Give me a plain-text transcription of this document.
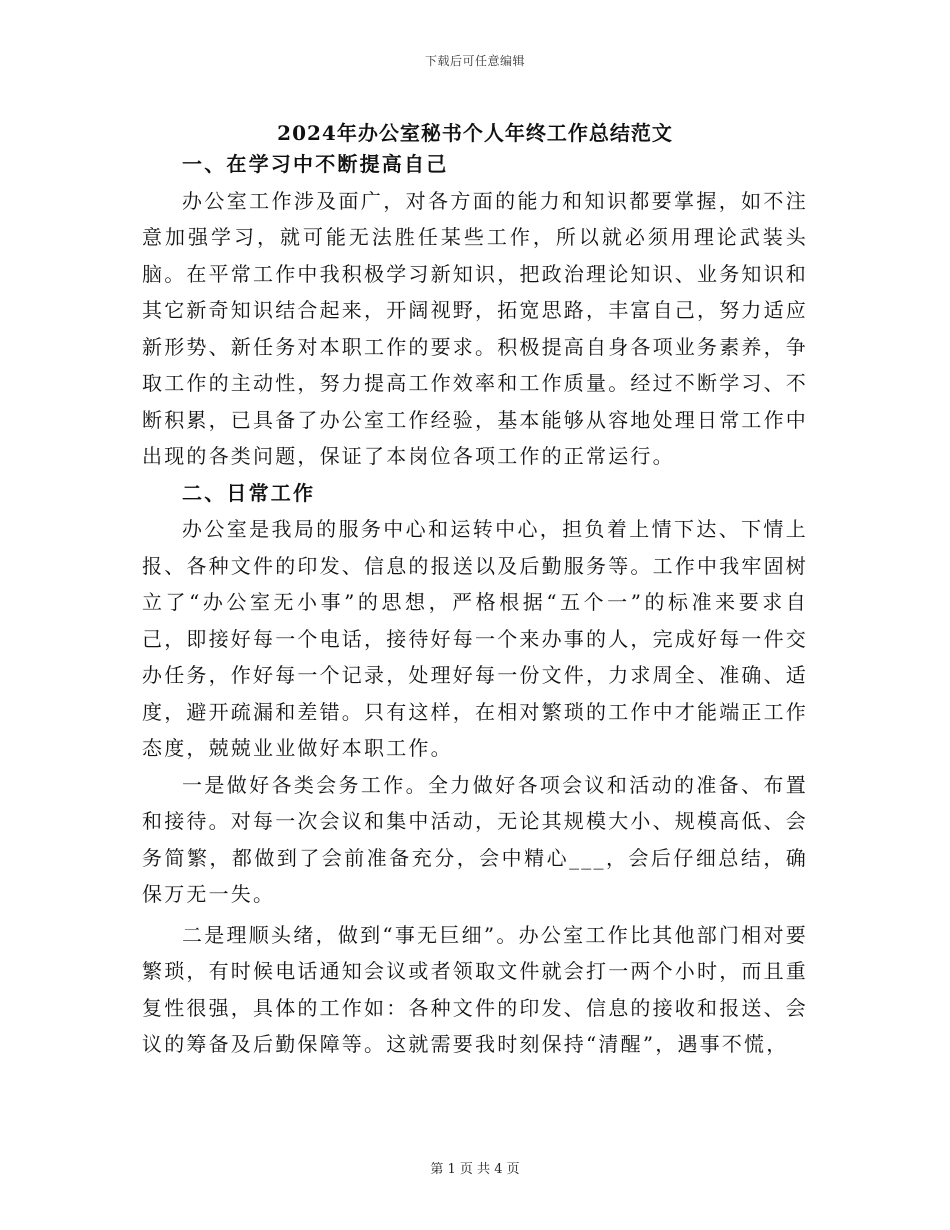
下载后可任意编辑
2024年办公室秘书个人年终工作总结范文
一、在学习中不断提高自己

办公室工作涉及面广，对各方面的能力和知识都要掌握，如不注意加强学习，就可能无法胜任某些工作，所以就必须用理论武装头脑。在平常工作中我积极学习新知识，把政治理论知识、业务知识和其它新奇知识结合起来，开阔视野，拓宽思路，丰富自己，努力适应新形势、新任务对本职工作的要求。积极提高自身各项业务素养，争取工作的主动性，努力提高工作效率和工作质量。经过不断学习、不断积累，已具备了办公室工作经验，基本能够从容地处理日常工作中出现的各类问题，保证了本岗位各项工作的正常运行。

二、日常工作

办公室是我局的服务中心和运转中心，担负着上情下达、下情上报、各种文件的印发、信息的报送以及后勤服务等。工作中我牢固树立了“办公室无小事”的思想，严格根据“五个一”的标准来要求自己，即接好每一个电话，接待好每一个来办事的人，完成好每一件交办任务，作好每一个记录，处理好每一份文件，力求周全、准确、适度，避开疏漏和差错。只有这样，在相对繁琐的工作中才能端正工作态度，兢兢业业做好本职工作。

一是做好各类会务工作。全力做好各项会议和活动的准备、布置和接待。对每一次会议和集中活动，无论其规模大小、规模高低、会务简繁，都做到了会前准备充分，会中精心___，会后仔细总结，确保万无一失。

二是理顺头绪，做到“事无巨细”。办公室工作比其他部门相对要繁琐，有时候电话通知会议或者领取文件就会打一两个小时，而且重复性很强，具体的工作如：各种文件的印发、信息的接收和报送、会议的筹备及后勤保障等。这就需要我时刻保持“清醒”，遇事不慌，

第 1 页 共 4 页
